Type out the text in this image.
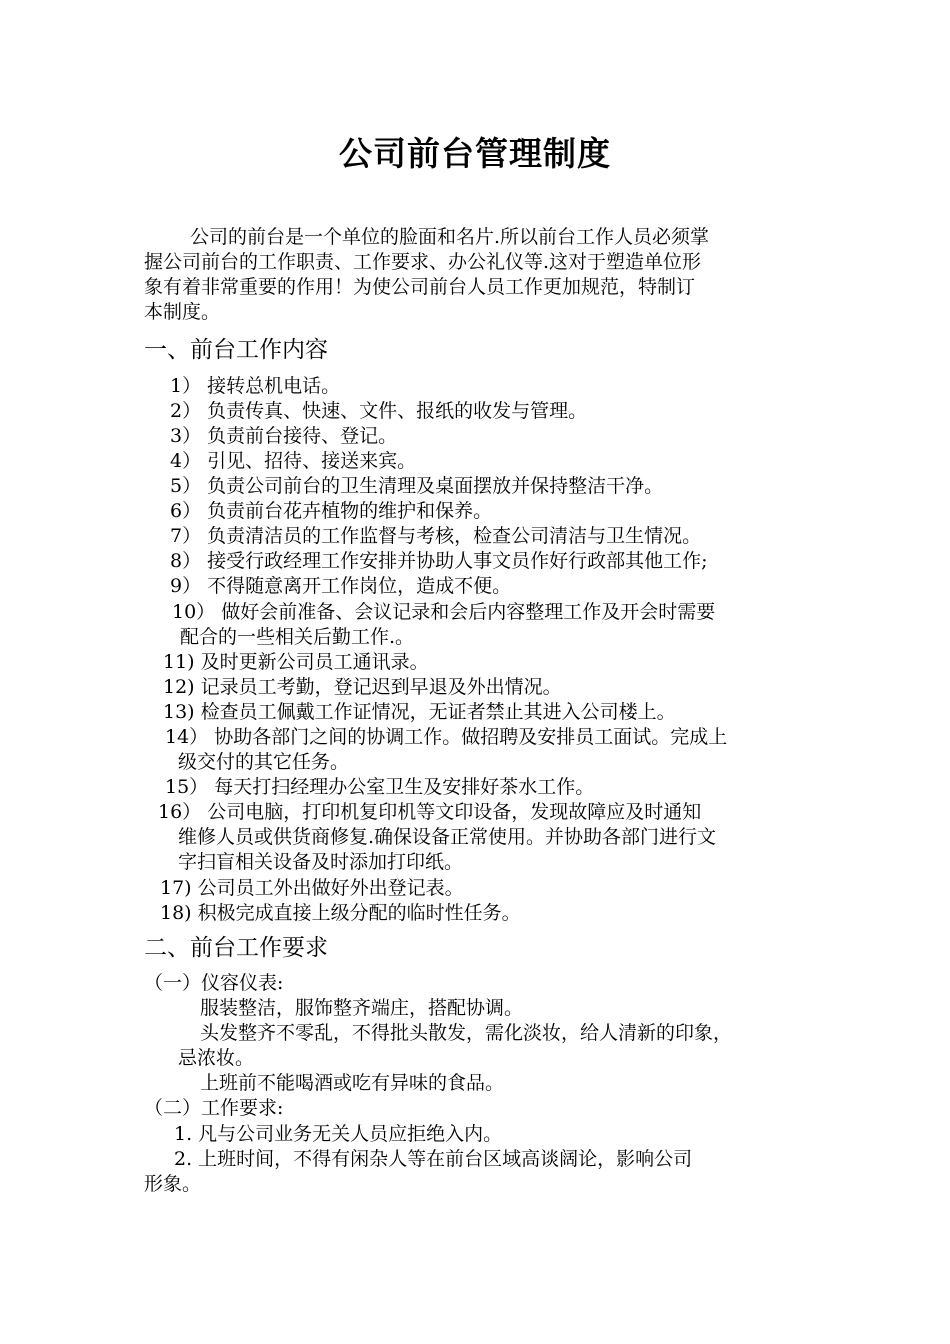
公司前台管理制度
公司的前台是一个单位的脸面和名片.所以前台工作人员必须掌
握公司前台的工作职责、工作要求、办公礼仪等.这对于塑造单位形
象有着非常重要的作用！为使公司前台人员工作更加规范，特制订
本制度。
一、前台工作内容
1） 接转总机电话。
2） 负责传真、快速、文件、报纸的收发与管理。
3） 负责前台接待、登记。
4） 引见、招待、接送来宾。
5） 负责公司前台的卫生清理及桌面摆放并保持整洁干净。
6） 负责前台花卉植物的维护和保养。
7） 负责清洁员的工作监督与考核，检查公司清洁与卫生情况。
8） 接受行政经理工作安排并协助人事文员作好行政部其他工作;
9） 不得随意离开工作岗位，造成不便。
10） 做好会前准备、会议记录和会后内容整理工作及开会时需要
配合的一些相关后勤工作.。
11) 及时更新公司员工通讯录。
12) 记录员工考勤，登记迟到早退及外出情况。
13) 检查员工佩戴工作证情况，无证者禁止其进入公司楼上。
14） 协助各部门之间的协调工作。做招聘及安排员工面试。完成上
级交付的其它任务。
15） 每天打扫经理办公室卫生及安排好茶水工作。
16） 公司电脑，打印机复印机等文印设备，发现故障应及时通知
维修人员或供货商修复.确保设备正常使用。并协助各部门进行文
字扫盲相关设备及时添加打印纸。
17) 公司员工外出做好外出登记表。
18) 积极完成直接上级分配的临时性任务。
二、前台工作要求
（一）仪容仪表:
服装整洁，服饰整齐端庄，搭配协调。
头发整齐不零乱，不得批头散发，需化淡妆，给人清新的印象，
忌浓妆。
上班前不能喝酒或吃有异味的食品。
（二）工作要求:
1. 凡与公司业务无关人员应拒绝入内。
2. 上班时间，不得有闲杂人等在前台区域高谈阔论，影响公司
形象。
